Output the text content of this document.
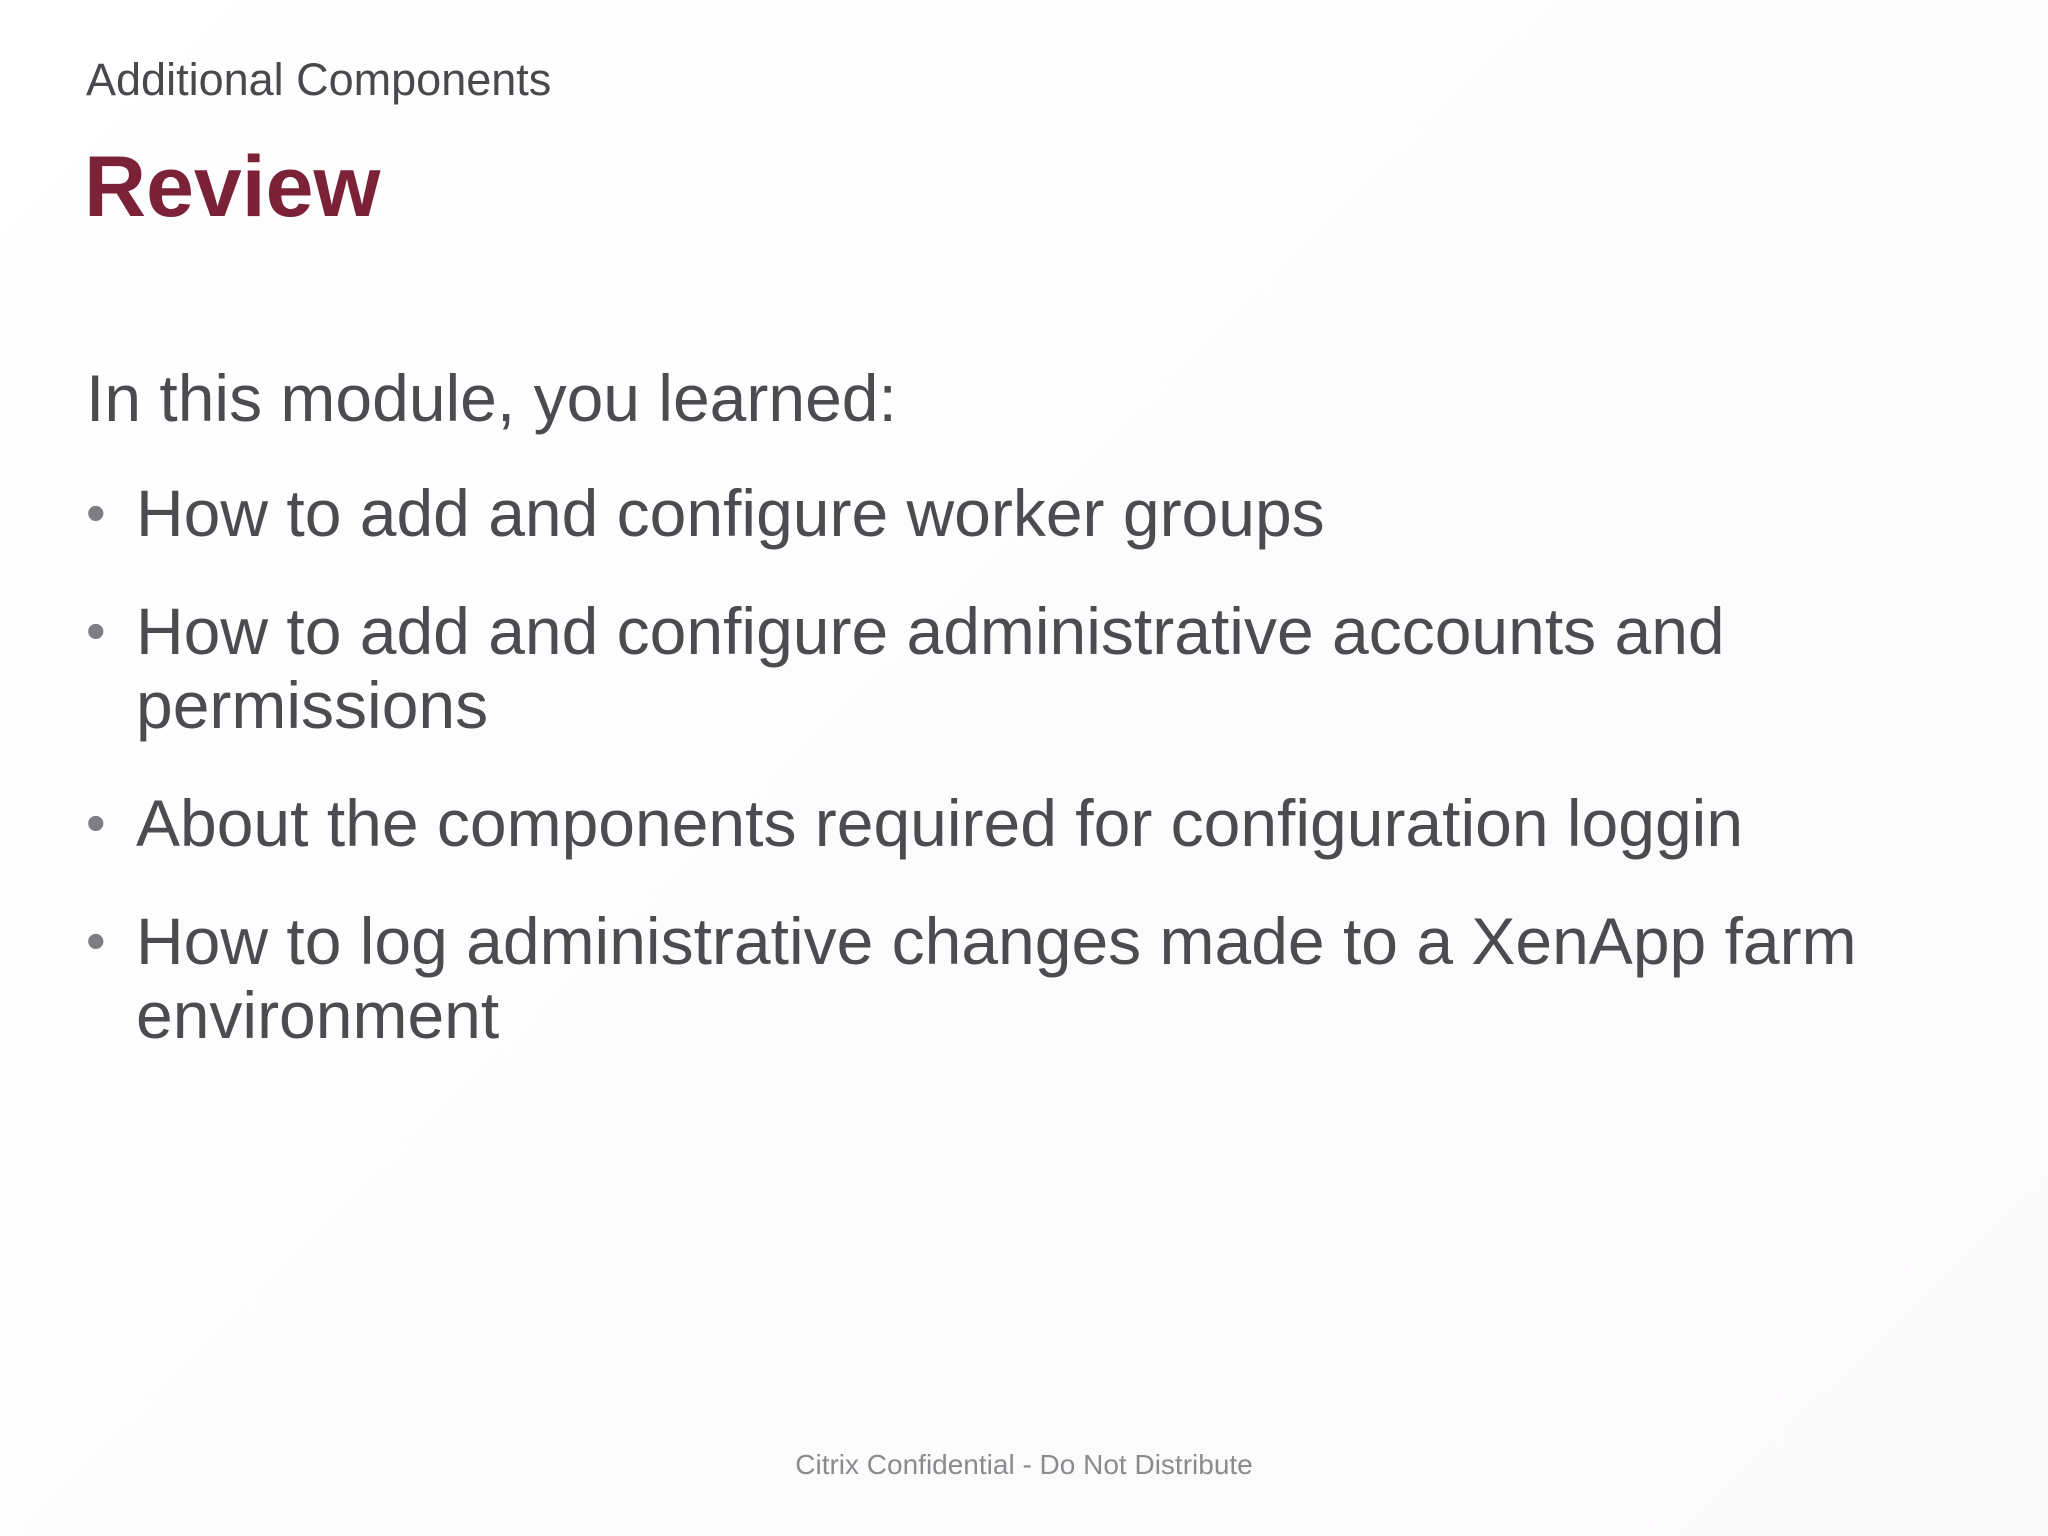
Additional Components
Review
In this module, you learned:
• How to add and configure worker groups
• How to add and configure administrative accounts and permissions
• About the components required for configuration loggin
• How to log administrative changes made to a XenApp farm environment
Citrix Confidential - Do Not Distribute
